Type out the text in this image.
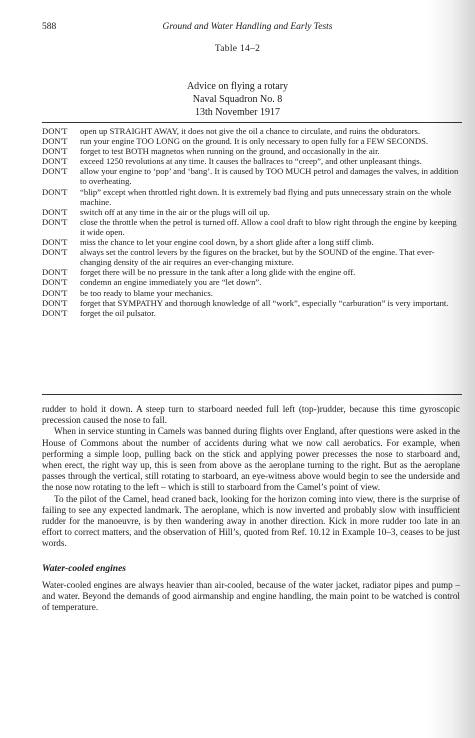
588	Ground and Water Handling and Early Tests
Table 14–2
Advice on flying a rotary
Naval Squadron No. 8
13th November 1917
DON'T	open up STRAIGHT AWAY, it does not give the oil a chance to circulate, and ruins the obdurators.
DON'T	run your engine TOO LONG on the ground. It is only necessary to open fully for a FEW SECONDS.
DON'T	forget to test BOTH magnetos when running on the ground, and occasionally in the air.
DON'T	exceed 1250 revolutions at any time. It causes the ballraces to “creep”, and other unpleasant things.
DON'T	allow your engine to ‘pop’ and ‘bang’. It is caused by TOO MUCH petrol and damages the valves, in addition to overheating.
DON'T	“blip” except when throttled right down. It is extremely bad flying and puts unnecessary strain on the whole machine.
DON'T	switch off at any time in the air or the plugs will oil up.
DON'T	close the throttle when the petrol is turned off. Allow a cool draft to blow right through the engine by keeping it wide open.
DON'T	miss the chance to let your engine cool down, by a short glide after a long stiff climb.
DON'T	always set the control levers by the figures on the bracket, but by the SOUND of the engine. That ever-changing density of the air requires an ever-changing mixture.
DON'T	forget there will be no pressure in the tank after a long glide with the engine off.
DON'T	condemn an engine immediately you are “let down”.
DON'T	be too ready to blame your mechanics.
DON'T	forget that SYMPATHY and thorough knowledge of all “work”, especially “carburation” is very important.
DON'T	forget the oil pulsator.

rudder to hold it down. A steep turn to starboard needed full left (top-)rudder, because this time gyroscopic precession caused the nose to fall.

When in service stunting in Camels was banned during flights over England, after questions were asked in the House of Commons about the number of accidents during what we now call aerobatics. For example, when performing a simple loop, pulling back on the stick and applying power precesses the nose to starboard and, when erect, the right way up, this is seen from above as the aeroplane turning to the right. But as the aeroplane passes through the vertical, still rotating to starboard, an eye-witness above would begin to see the underside and the nose now rotating to the left – which is still to starboard from the Camel’s point of view.

To the pilot of the Camel, head craned back, looking for the horizon coming into view, there is the surprise of failing to see any expected landmark. The aeroplane, which is now inverted and probably slow with insufficient rudder for the manoeuvre, is by then wandering away in another direction. Kick in more rudder too late in an effort to correct matters, and the observation of Hill’s, quoted from Ref. 10.12 in Example 10–3, ceases to be just words.

Water-cooled engines

Water-cooled engines are always heavier than air-cooled, because of the water jacket, radiator pipes and pump – and water. Beyond the demands of good airmanship and engine handling, the main point to be watched is control of temperature.
